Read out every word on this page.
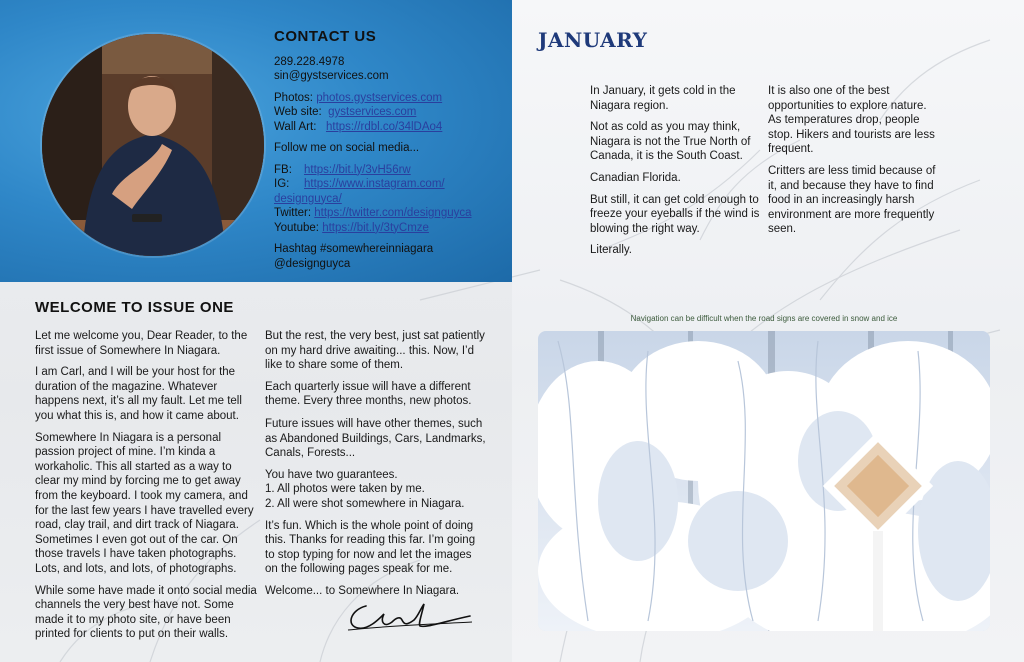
CONTACT US
289.228.4978
sin@gystservices.com
Photos: photos.gystservices.com
Web site: gystservices.com
Wall Art: https://rdbl.co/34lDAo4
Follow me on social media...
FB: https://bit.ly/3vH56rw
IG: https://www.instagram.com/
designguyca/
Twitter: https://twitter.com/designguyca
Youtube: https://bit.ly/3tyCmze
Hashtag #somewhereinniagara
@designguyca
WELCOME TO ISSUE ONE

Let me welcome you, Dear Reader, to the first issue of Somewhere In Niagara.

I am Carl, and I will be your host for the duration of the magazine. Whatever happens next, it’s all my fault. Let me tell you what this is, and how it came about.

Somewhere In Niagara is a personal passion project of mine. I’m kinda a workaholic. This all started as a way to clear my mind by forcing me to get away from the keyboard. I took my camera, and for the last few years I have travelled every road, clay trail, and dirt track of Niagara. Sometimes I even got out of the car. On those travels I have taken photographs. Lots, and lots, and lots, of photographs.

While some have made it onto social media channels the very best have not. Some made it to my photo site, or have been printed for clients to put on their walls.

But the rest, the very best, just sat patiently on my hard drive awaiting... this. Now, I’d like to share some of them.

Each quarterly issue will have a different theme. Every three months, new photos.

Future issues will have other themes, such as Abandoned Buildings, Cars, Landmarks, Canals, Forests...

You have two guarantees.
1. All photos were taken by me.

2. All were shot somewhere in Niagara.

It’s fun. Which is the whole point of doing this. Thanks for reading this far. I’m going to stop typing for now and let the images on the following pages speak for me.

Welcome... to Somewhere In Niagara.

JANUARY

In January, it gets cold in the Niagara region.

Not as cold as you may think, Niagara is not the True North of Canada, it is the South Coast.

Canadian Florida.

But still, it can get cold enough to freeze your eyeballs if the wind is blowing the right way.

Literally.

It is also one of the best opportunities to explore nature. As temperatures drop, people stop. Hikers and tourists are less frequent.

Critters are less timid because of it, and because they have to find food in an increasingly harsh environment are more frequently seen.

Navigation can be difficult when the road signs are covered in snow and ice
